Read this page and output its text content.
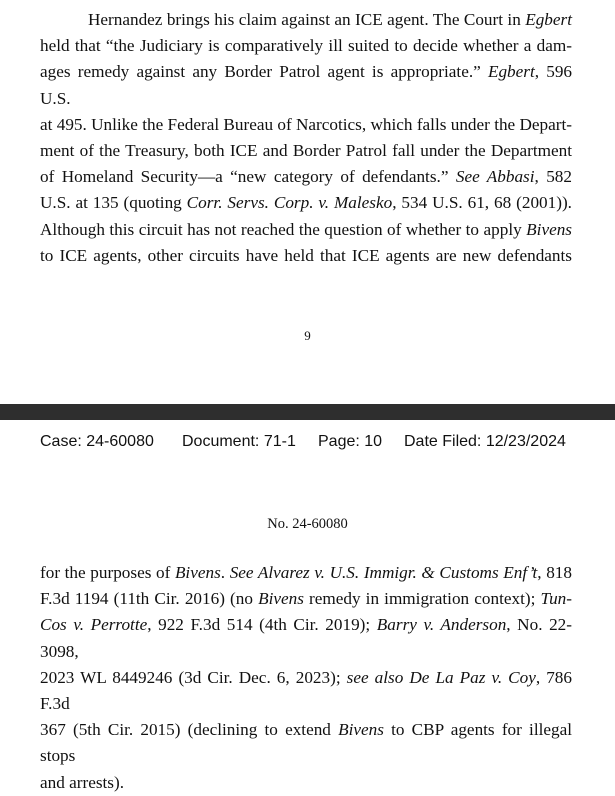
Hernandez brings his claim against an ICE agent. The Court in Egbert
held that “the Judiciary is comparatively ill suited to decide whether a dam-
ages remedy against any Border Patrol agent is appropriate.” Egbert, 596 U.S.
at 495. Unlike the Federal Bureau of Narcotics, which falls under the Depart-
ment of the Treasury, both ICE and Border Patrol fall under the Department
of Homeland Security—a “new category of defendants.” See Abbasi, 582
U.S. at 135 (quoting Corr. Servs. Corp. v. Malesko, 534 U.S. 61, 68 (2001)).
Although this circuit has not reached the question of whether to apply Bivens
to ICE agents, other circuits have held that ICE agents are new defendants
9
Case: 24-60080 Document: 71-1 Page: 10 Date Filed: 12/23/2024
No. 24-60080
for the purposes of Bivens. See Alvarez v. U.S. Immigr. & Customs Enf’t, 818
F.3d 1194 (11th Cir. 2016) (no Bivens remedy in immigration context); Tun-
Cos v. Perrotte, 922 F.3d 514 (4th Cir. 2019); Barry v. Anderson, No. 22-3098,
2023 WL 8449246 (3d Cir. Dec. 6, 2023); see also De La Paz v. Coy, 786 F.3d
367 (5th Cir. 2015) (declining to extend Bivens to CBP agents for illegal stops
and arrests).
